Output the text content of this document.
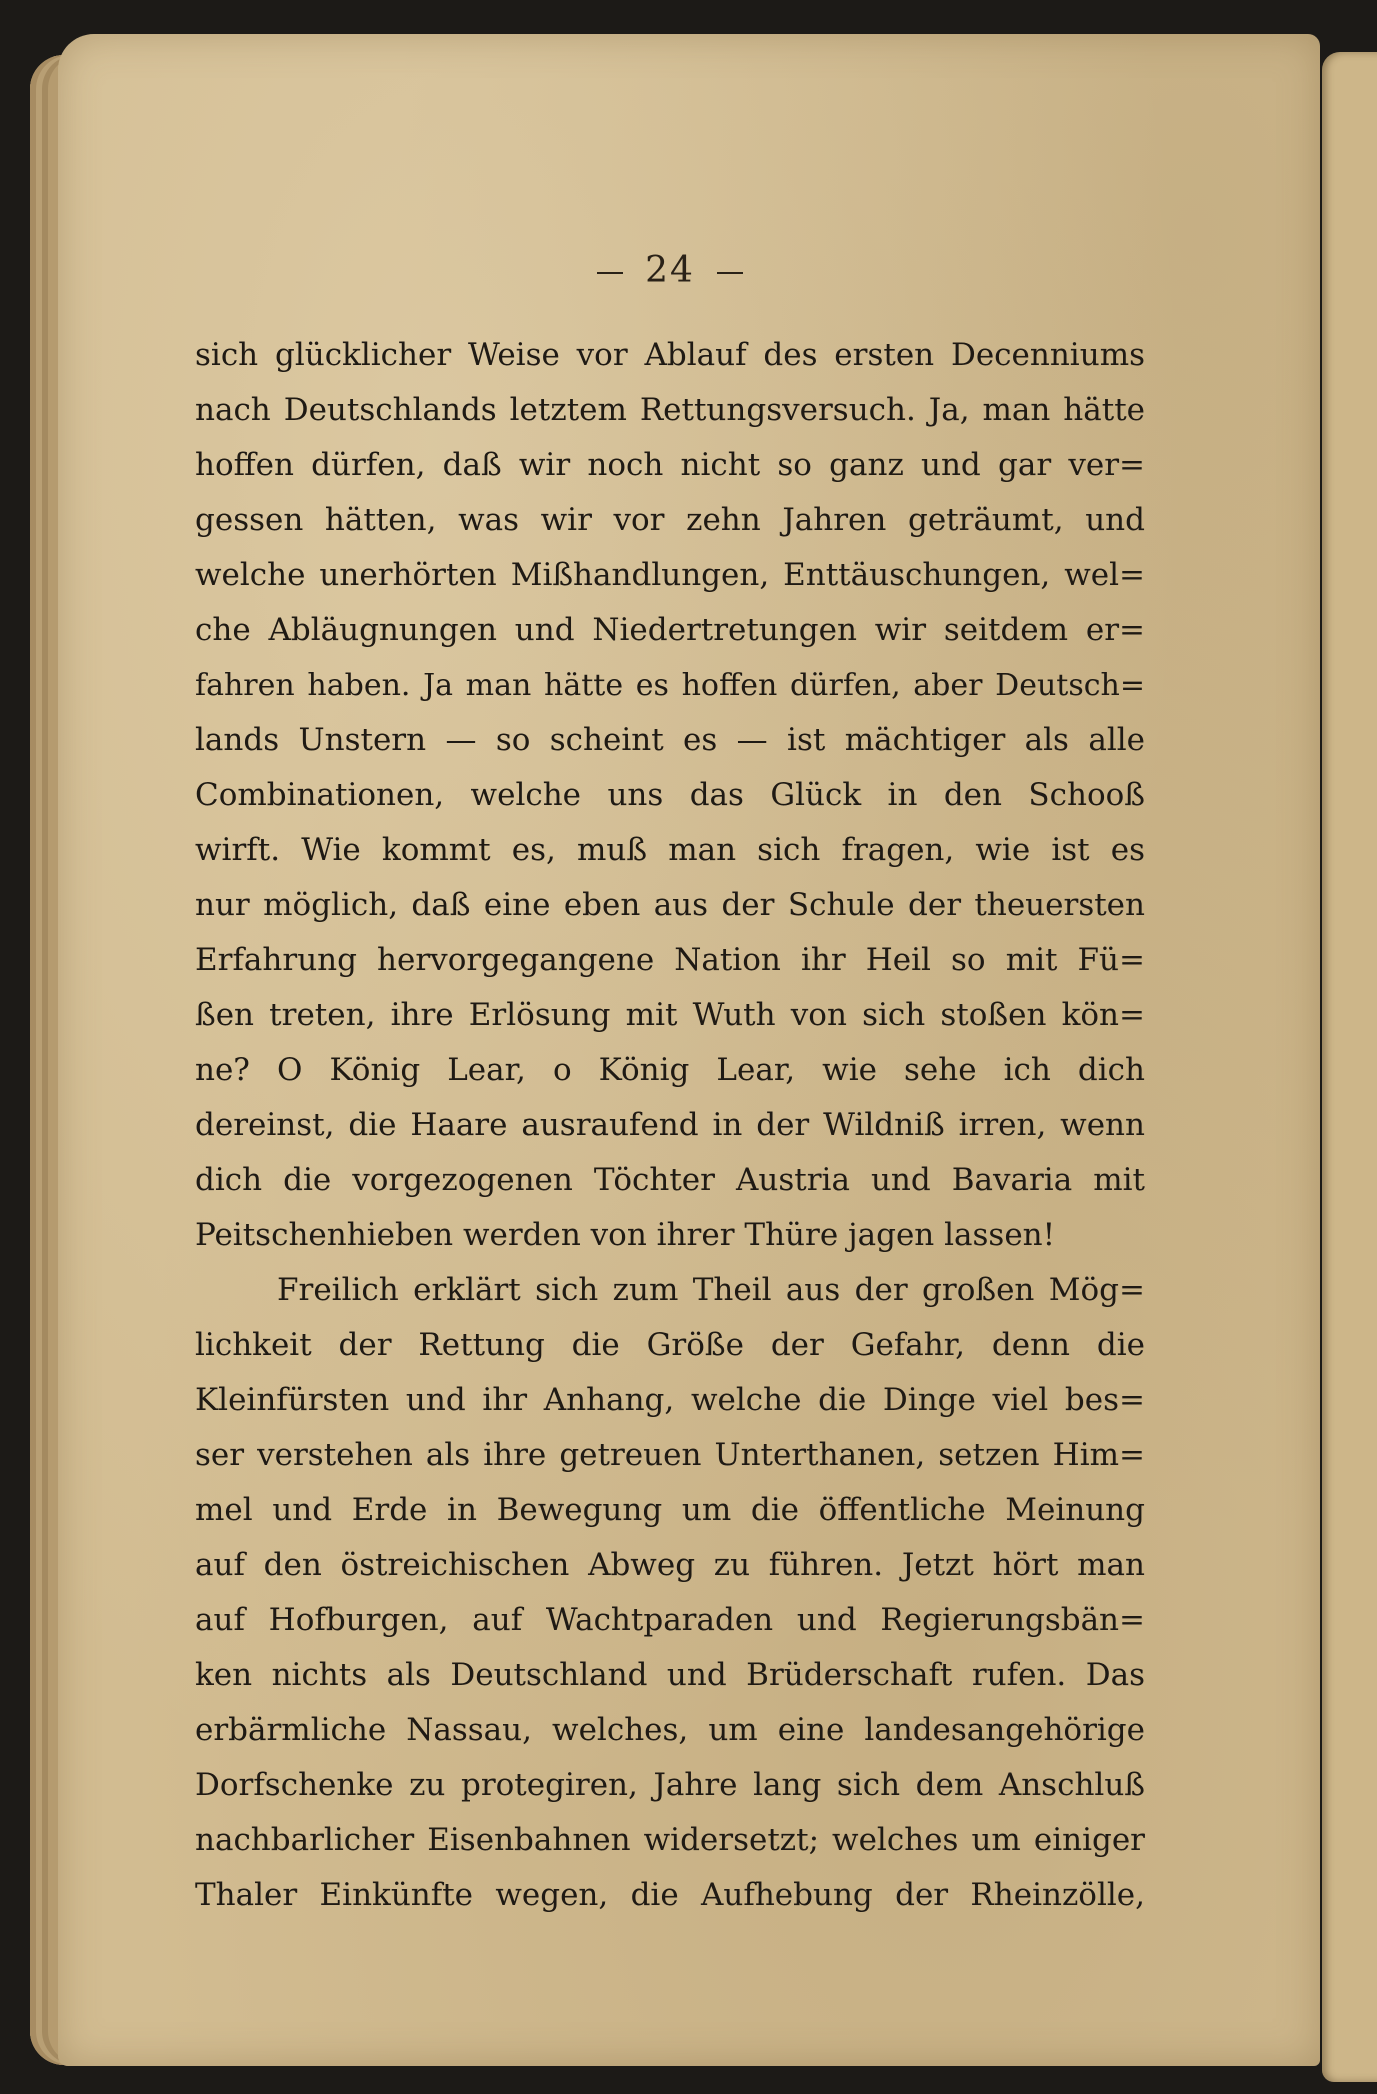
24
sich glücklicher Weise vor Ablauf des ersten Decenniums
nach Deutschlands letztem Rettungsversuch. Ja, man hätte
hoffen dürfen, daß wir noch nicht so ganz und gar ver=
gessen hätten, was wir vor zehn Jahren geträumt, und
welche unerhörten Mißhandlungen, Enttäuschungen, wel=
che Abläugnungen und Niedertretungen wir seitdem er=
fahren haben. Ja man hätte es hoffen dürfen, aber Deutsch=
lands Unstern — so scheint es — ist mächtiger als alle
Combinationen, welche uns das Glück in den Schooß
wirft. Wie kommt es, muß man sich fragen, wie ist es
nur möglich, daß eine eben aus der Schule der theuersten
Erfahrung hervorgegangene Nation ihr Heil so mit Fü=
ßen treten, ihre Erlösung mit Wuth von sich stoßen kön=
ne? O König Lear, o König Lear, wie sehe ich dich
dereinst, die Haare ausraufend in der Wildniß irren, wenn
dich die vorgezogenen Töchter Austria und Bavaria mit
Peitschenhieben werden von ihrer Thüre jagen lassen!
Freilich erklärt sich zum Theil aus der großen Mög=
lichkeit der Rettung die Größe der Gefahr, denn die
Kleinfürsten und ihr Anhang, welche die Dinge viel bes=
ser verstehen als ihre getreuen Unterthanen, setzen Him=
mel und Erde in Bewegung um die öffentliche Meinung
auf den östreichischen Abweg zu führen. Jetzt hört man
auf Hofburgen, auf Wachtparaden und Regierungsbän=
ken nichts als Deutschland und Brüderschaft rufen. Das
erbärmliche Nassau, welches, um eine landesangehörige
Dorfschenke zu protegiren, Jahre lang sich dem Anschluß
nachbarlicher Eisenbahnen widersetzt; welches um einiger
Thaler Einkünfte wegen, die Aufhebung der Rheinzölle,
